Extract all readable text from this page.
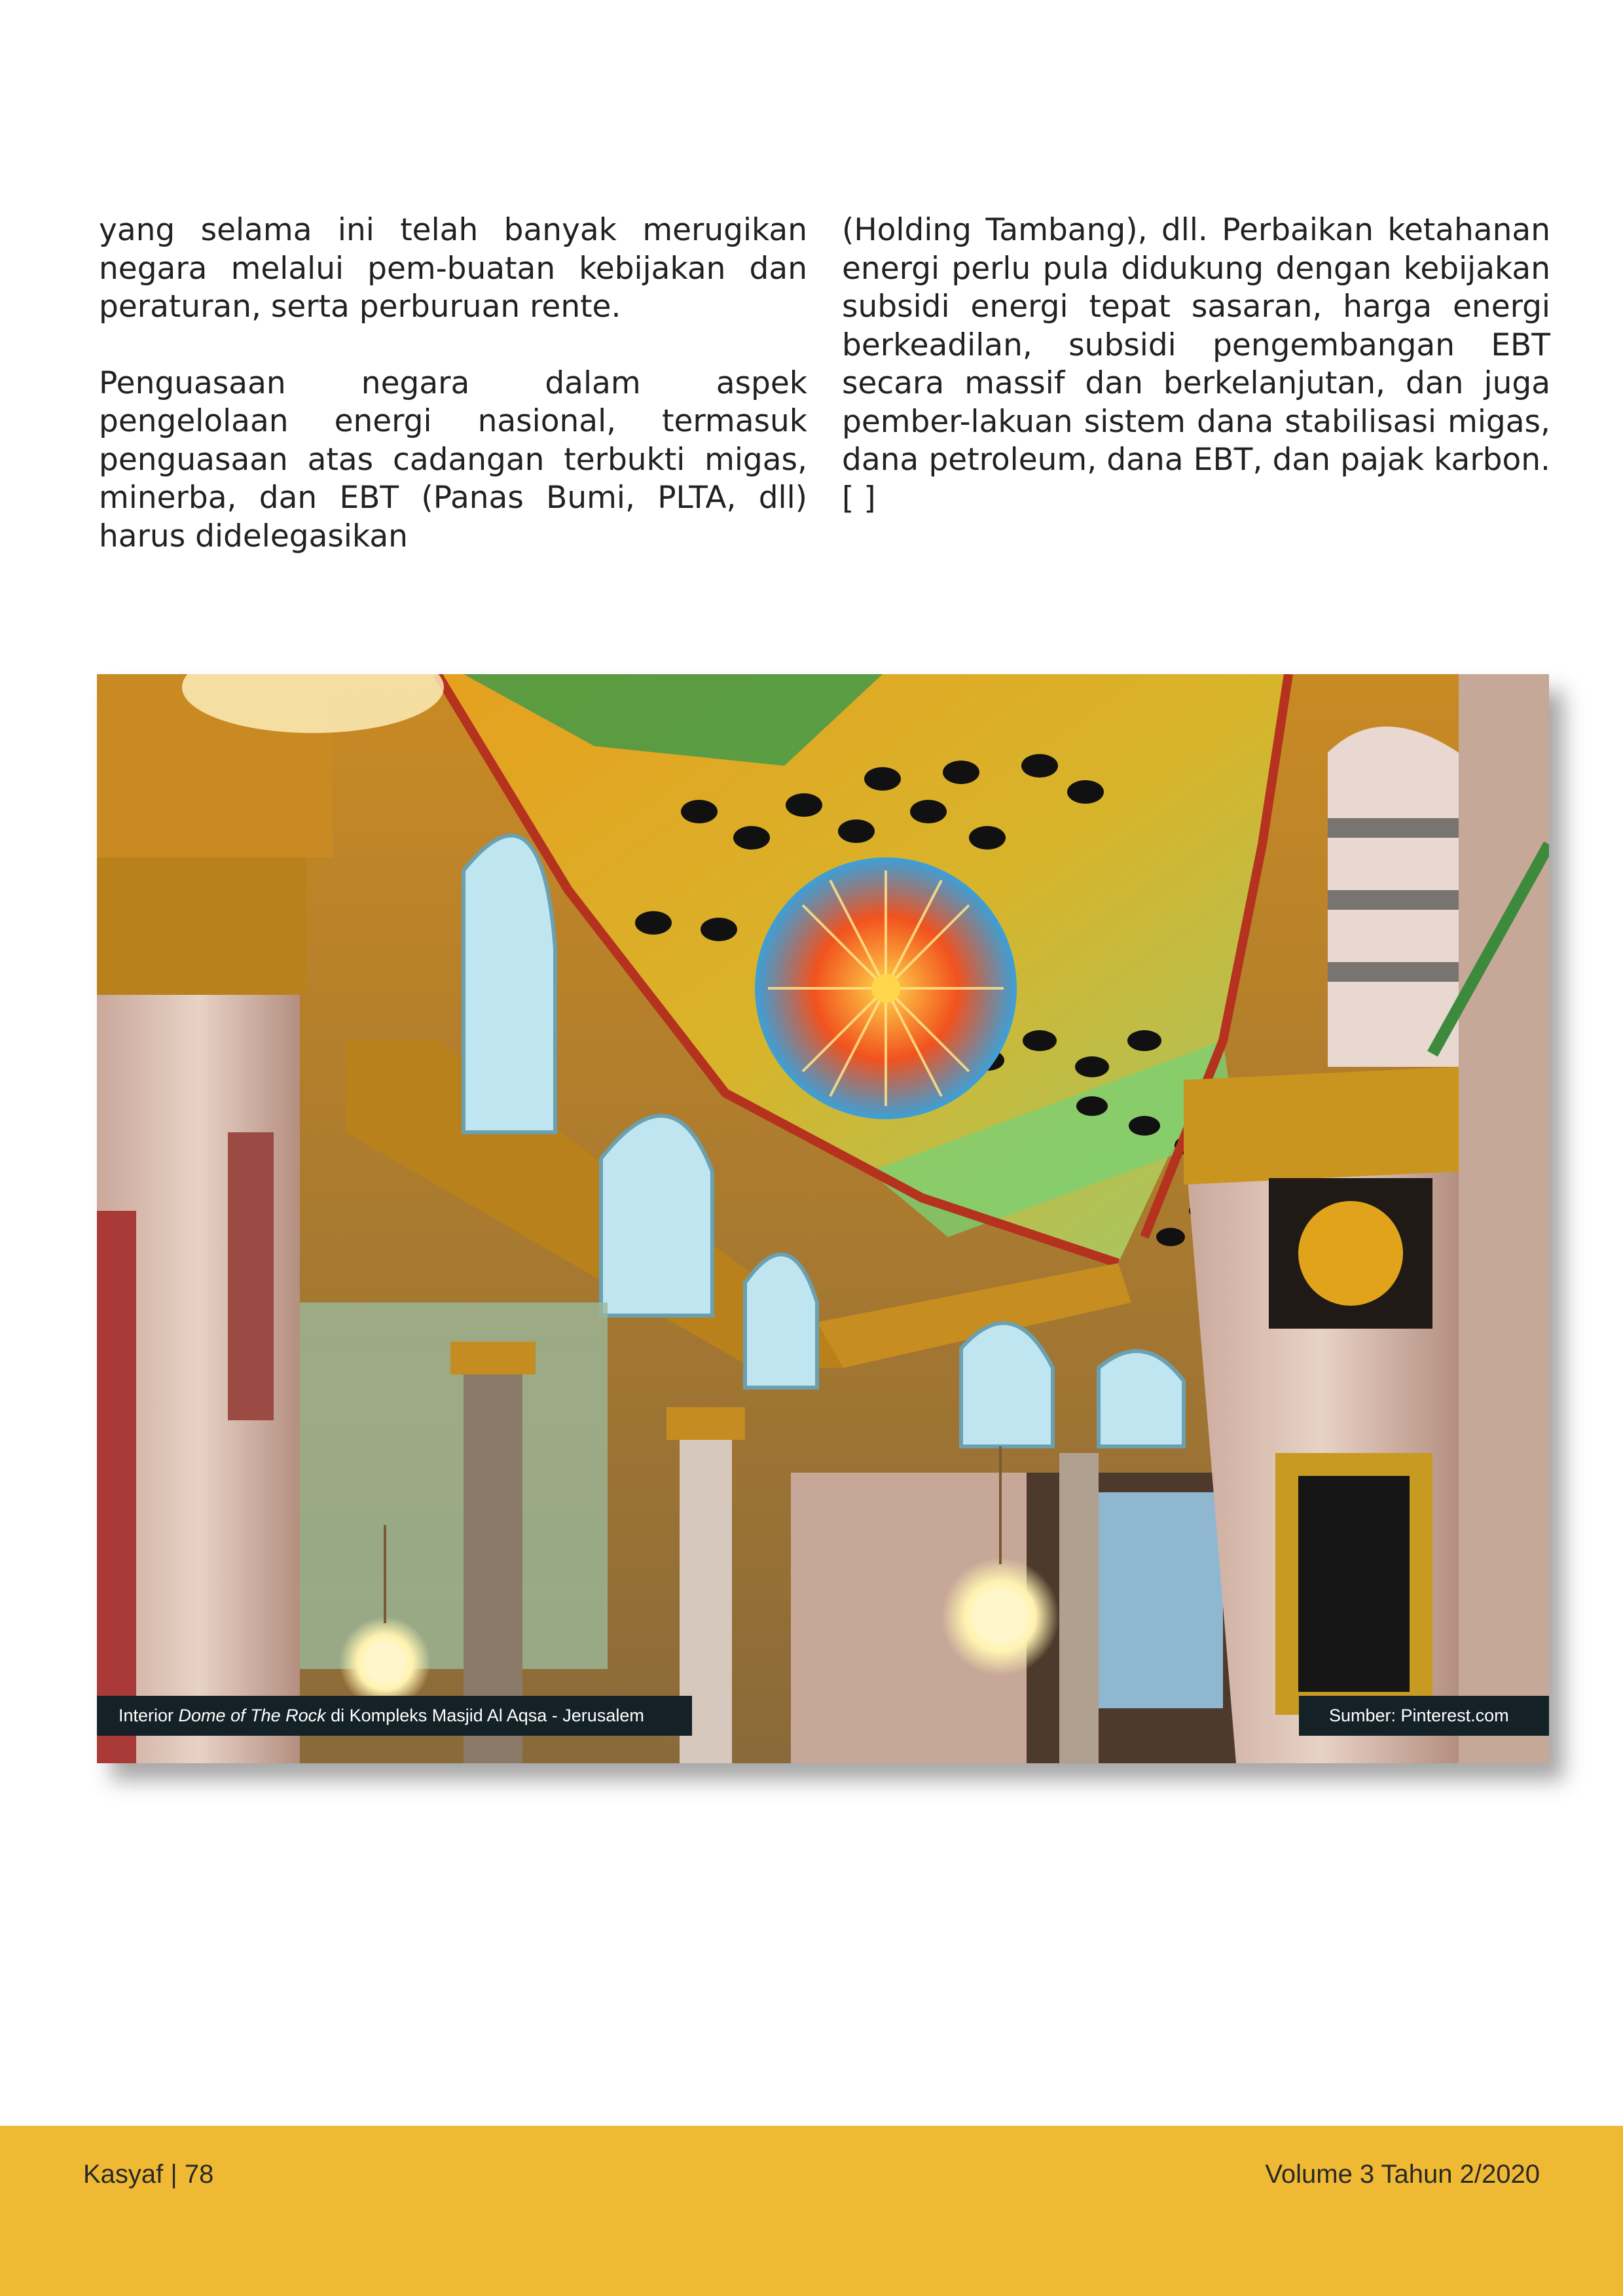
yang selama ini telah banyak merugikan negara melalui pem-buatan kebijakan dan peraturan, serta perburuan rente.

Penguasaan negara dalam aspek pengelolaan energi nasional, termasuk penguasaan atas cadangan terbukti migas, minerba, dan EBT (Panas Bumi, PLTA, dll) harus didelegasikan

(Holding Tambang), dll. Perbaikan ketahanan energi perlu pula didukung dengan kebijakan subsidi energi tepat sasaran, harga energi berkeadilan, subsidi pengembangan EBT secara massif dan berkelanjutan, dan juga pember-lakuan sistem dana stabilisasi migas, dana petroleum, dana EBT, dan pajak karbon. [ ]

Interior Dome of The Rock di Kompleks Masjid Al Aqsa - Jerusalem	Sumber: Pinterest.com
Kasyaf | 78	Volume 3 Tahun 2/2020
